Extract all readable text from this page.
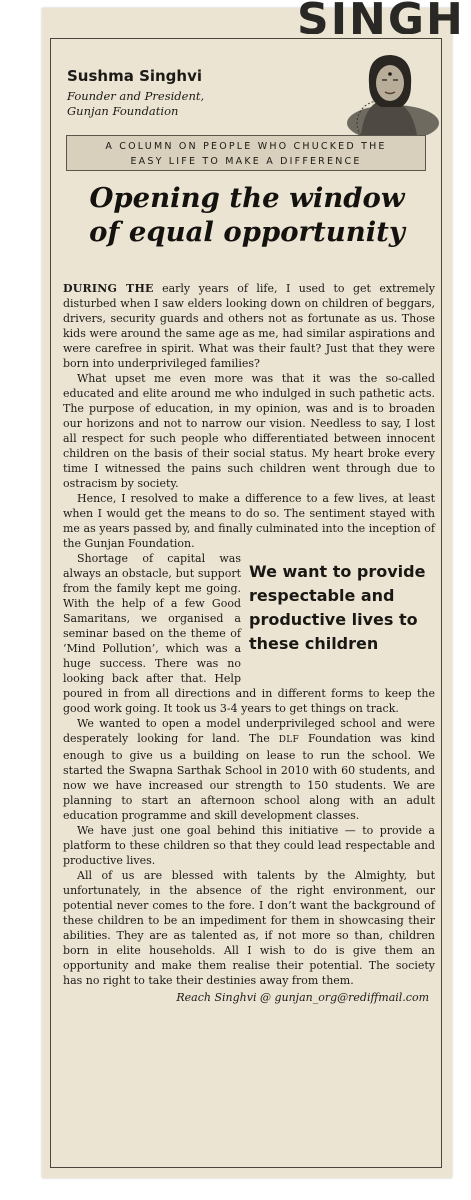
SINGH
Sushma Singhvi
Founder and President,
Gunjan Foundation
A COLUMN ON PEOPLE WHO CHUCKED THE
EASY LIFE TO MAKE A DIFFERENCE
Opening the window
of equal opportunity

DURING THE early years of life, I used to get extremely disturbed when I saw elders looking down on children of beggars, drivers, security guards and others not as fortunate as us. Those kids were around the same age as me, had similar aspirations and were carefree in spirit. What was their fault? Just that they were born into underprivileged families?

What upset me even more was that it was the so-called educated and elite around me who indulged in such pathetic acts. The purpose of education, in my opinion, was and is to broaden our horizons and not to narrow our vision. Needless to say, I lost all respect for such people who differentiated between innocent children on the basis of their social status. My heart broke every time I witnessed the pains such children went through due to ostracism by society.

Hence, I resolved to make a difference to a few lives, at least when I would get the means to do so. The sentiment stayed with me as years passed by, and finally culminated into the inception of the Gunjan Foundation.

We want to provide respectable and productive lives to these children

Shortage of capital was always an obstacle, but support from the family kept me going. With the help of a few Good Samaritans, we organised a seminar based on the theme of ‘Mind Pollution’, which was a huge success. There was no looking back after that. Help poured in from all directions and in different forms to keep the good work going. It took us 3-4 years to get things on track.

We wanted to open a model underprivileged school and were desperately looking for land. The DLF Foundation was kind enough to give us a building on lease to run the school. We started the Swapna Sarthak School in 2010 with 60 students, and now we have increased our strength to 150 students. We are planning to start an afternoon school along with an adult education programme and skill development classes.

We have just one goal behind this initiative — to provide a platform to these children so that they could lead respectable and productive lives.

All of us are blessed with talents by the Almighty, but unfortunately, in the absence of the right environment, our potential never comes to the fore. I don’t want the background of these children to be an impediment for them in showcasing their abilities. They are as talented as, if not more so than, children born in elite households. All I wish to do is give them an opportunity and make them realise their potential. The society has no right to take their destinies away from them.

Reach Singhvi @ gunjan_org@rediffmail.com
